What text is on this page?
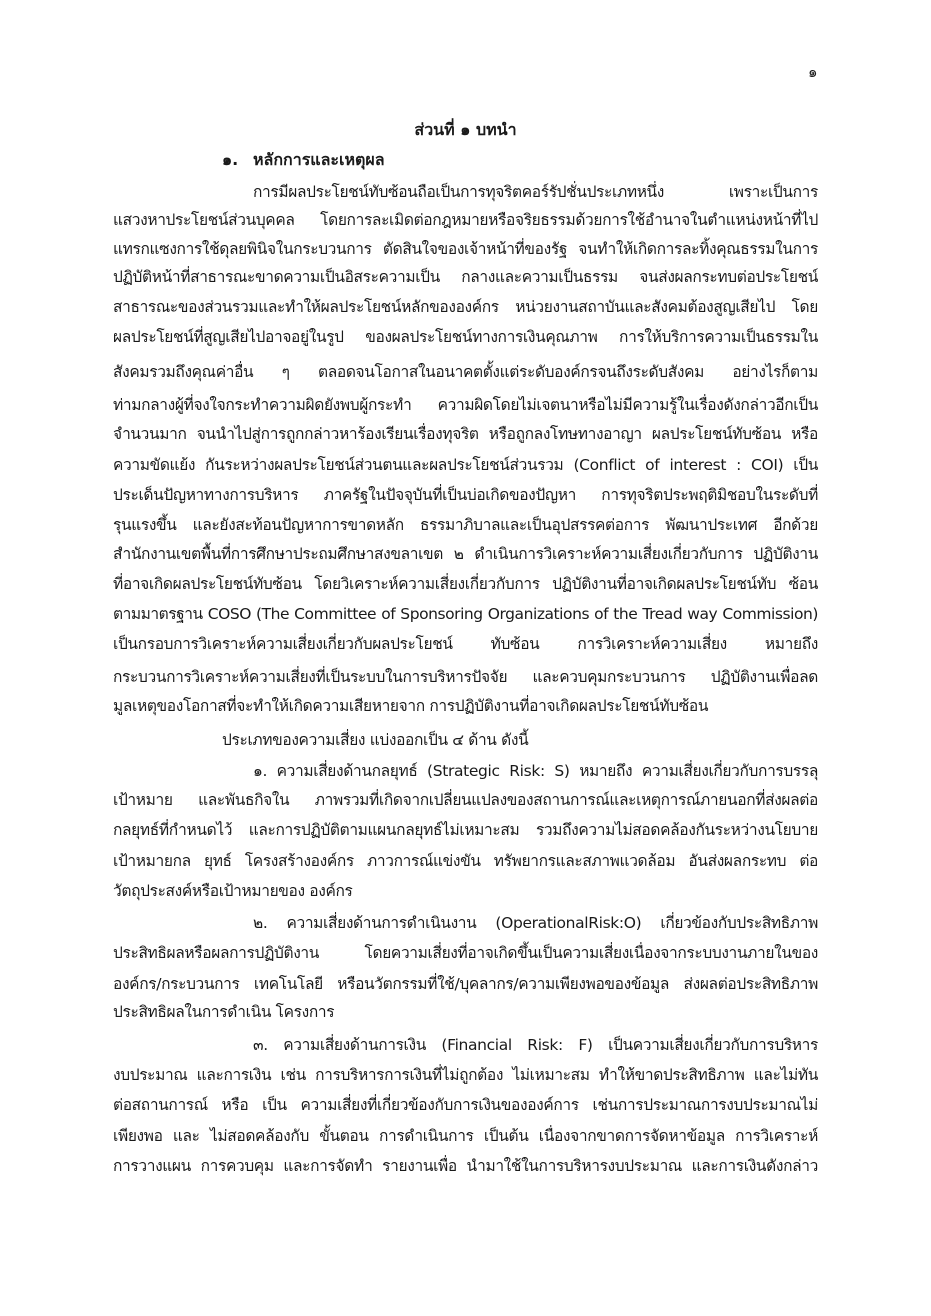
๑
ส่วนที่ ๑ บทนำ
๑. หลักการและเหตุผล
การมีผลประโยชน์ทับซ้อนถือเป็นการทุจริตคอร์รัปชั่นประเภทหนึ่ง เพราะเป็นการ
แสวงหาประโยชน์ส่วนบุคคล โดยการละเมิดต่อกฎหมายหรือจริยธรรมด้วยการใช้อำนาจในตำแหน่งหน้าที่ไป
แทรกแซงการใช้ดุลยพินิจในกระบวนการ ตัดสินใจของเจ้าหน้าที่ของรัฐ จนทำให้เกิดการละทิ้งคุณธรรมในการ
ปฏิบัติหน้าที่สาธารณะขาดความเป็นอิสระความเป็น กลางและความเป็นธรรม จนส่งผลกระทบต่อประโยชน์
สาธารณะของส่วนรวมและทำให้ผลประโยชน์หลักขององค์กร หน่วยงานสถาบันและสังคมต้องสูญเสียไป โดย
ผลประโยชน์ที่สูญเสียไปอาจอยู่ในรูป ของผลประโยชน์ทางการเงินคุณภาพ การให้บริการความเป็นธรรมใน
สังคมรวมถึงคุณค่าอื่น ๆ ตลอดจนโอกาสในอนาคตตั้งแต่ระดับองค์กรจนถึงระดับสังคม อย่างไรก็ตาม
ท่ามกลางผู้ที่จงใจกระทำความผิดยังพบผู้กระทำ ความผิดโดยไม่เจตนาหรือไม่มีความรู้ในเรื่องดังกล่าวอีกเป็น
จำนวนมาก จนนำไปสู่การถูกกล่าวหาร้องเรียนเรื่องทุจริต หรือถูกลงโทษทางอาญา ผลประโยชน์ทับซ้อน หรือ
ความขัดแย้ง กันระหว่างผลประโยชน์ส่วนตนและผลประโยชน์ส่วนรวม (Conflict of interest : COI) เป็น
ประเด็นปัญหาทางการบริหาร ภาครัฐในปัจจุบันที่เป็นบ่อเกิดของปัญหา การทุจริตประพฤติมิชอบในระดับที่
รุนแรงขึ้น และยังสะท้อนปัญหาการขาดหลัก ธรรมาภิบาลและเป็นอุปสรรคต่อการ พัฒนาประเทศ อีกด้วย
สำนักงานเขตพื้นที่การศึกษาประถมศึกษาสงขลาเขต ๒ ดำเนินการวิเคราะห์ความเสี่ยงเกี่ยวกับการ ปฏิบัติงาน
ที่อาจเกิดผลประโยชน์ทับซ้อน โดยวิเคราะห์ความเสี่ยงเกี่ยวกับการ ปฏิบัติงานที่อาจเกิดผลประโยชน์ทับ ซ้อน
ตามมาตรฐาน COSO (The Committee of Sponsoring Organizations of the Tread way Commission)
เป็นกรอบการวิเคราะห์ความเสี่ยงเกี่ยวกับผลประโยชน์ ทับซ้อน การวิเคราะห์ความเสี่ยง หมายถึง
กระบวนการวิเคราะห์ความเสี่ยงที่เป็นระบบในการบริหารปัจจัย และควบคุมกระบวนการ ปฏิบัติงานเพื่อลด
มูลเหตุของโอกาสที่จะทำให้เกิดความเสียหายจาก การปฏิบัติงานที่อาจเกิดผลประโยชน์ทับซ้อน
ประเภทของความเสี่ยง แบ่งออกเป็น ๔ ด้าน ดังนี้
๑. ความเสี่ยงด้านกลยุทธ์ (Strategic Risk: S) หมายถึง ความเสี่ยงเกี่ยวกับการบรรลุ
เป้าหมาย และพันธกิจใน ภาพรวมที่เกิดจากเปลี่ยนแปลงของสถานการณ์และเหตุการณ์ภายนอกที่ส่งผลต่อ
กลยุทธ์ที่กำหนดไว้ และการปฏิบัติตามแผนกลยุทธ์ไม่เหมาะสม รวมถึงความไม่สอดคล้องกันระหว่างนโยบาย
เป้าหมายกล ยุทธ์ โครงสร้างองค์กร ภาวการณ์แข่งขัน ทรัพยากรและสภาพแวดล้อม อันส่งผลกระทบ ต่อ
วัตถุประสงค์หรือเป้าหมายของ องค์กร
๒. ความเสี่ยงด้านการดำเนินงาน (OperationalRisk:O) เกี่ยวข้องกับประสิทธิภาพ
ประสิทธิผลหรือผลการปฏิบัติงาน โดยความเสี่ยงที่อาจเกิดขึ้นเป็นความเสี่ยงเนื่องจากระบบงานภายในของ
องค์กร/กระบวนการ เทคโนโลยี หรือนวัตกรรมที่ใช้/บุคลากร/ความเพียงพอของข้อมูล ส่งผลต่อประสิทธิภาพ
ประสิทธิผลในการดำเนิน โครงการ
๓. ความเสี่ยงด้านการเงิน (Financial Risk: F) เป็นความเสี่ยงเกี่ยวกับการบริหาร
งบประมาณ และการเงิน เช่น การบริหารการเงินที่ไม่ถูกต้อง ไม่เหมาะสม ทำให้ขาดประสิทธิภาพ และไม่ทัน
ต่อสถานการณ์ หรือ เป็น ความเสี่ยงที่เกี่ยวข้องกับการเงินขององค์การ เช่นการประมาณการงบประมาณไม่
เพียงพอ และ ไม่สอดคล้องกับ ขั้นตอน การดำเนินการ เป็นต้น เนื่องจากขาดการจัดหาข้อมูล การวิเคราะห์
การวางแผน การควบคุม และการจัดทำ รายงานเพื่อ นำมาใช้ในการบริหารงบประมาณ และการเงินดังกล่าว
